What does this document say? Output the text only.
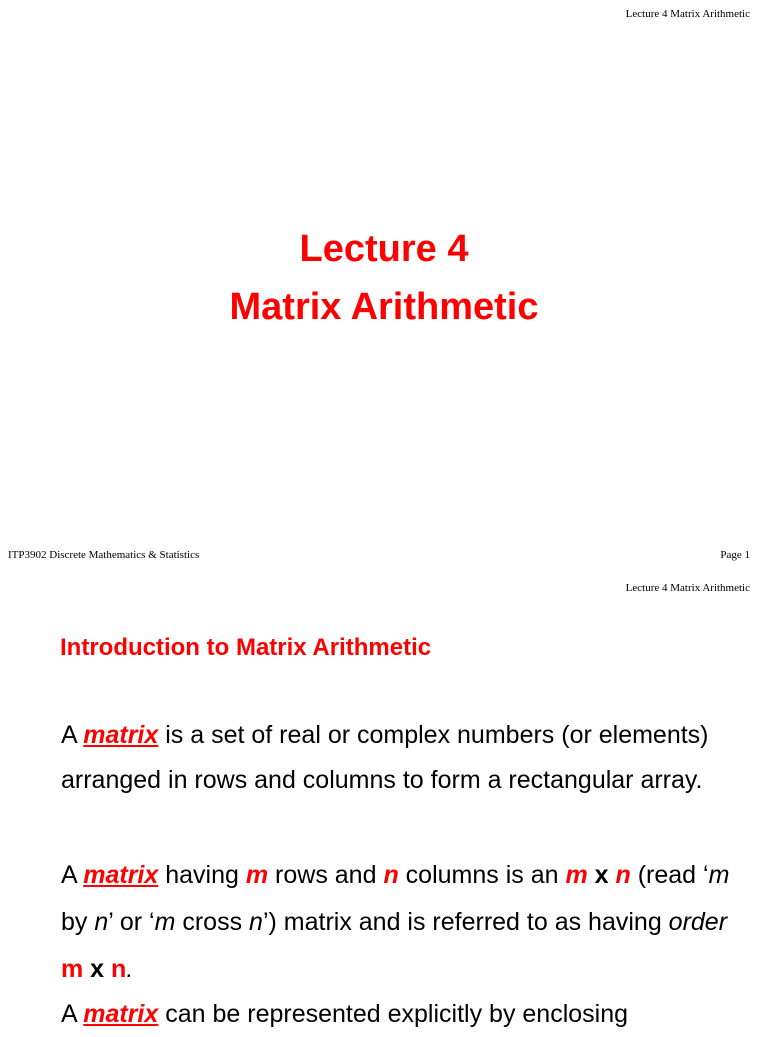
Lecture 4 Matrix Arithmetic
Lecture 4
Matrix Arithmetic
ITP3902 Discrete Mathematics & Statistics	Page 1
Lecture 4 Matrix Arithmetic
Introduction to Matrix Arithmetic
A matrix is a set of real or complex numbers (or elements) arranged in rows and columns to form a rectangular array.
A matrix having m rows and n columns is an m x n (read ‘m by n’ or ‘m cross n’) matrix and is referred to as having order m x n.
A matrix can be represented explicitly by enclosing
